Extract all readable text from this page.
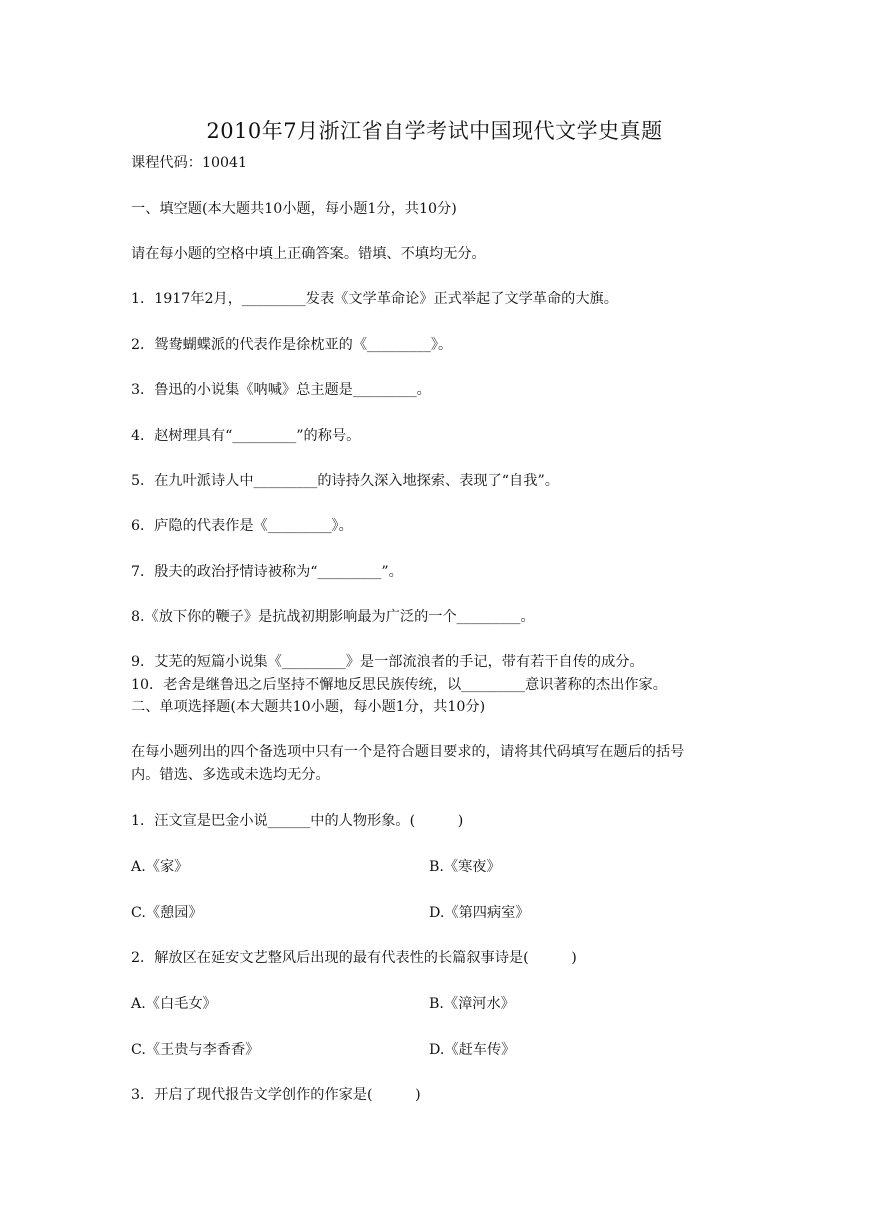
2010年7月浙江省自学考试中国现代文学史真题
课程代码：10041
一、填空题(本大题共10小题，每小题1分，共10分)
请在每小题的空格中填上正确答案。错填、不填均无分。
1．1917年2月，_________发表《文学革命论》正式举起了文学革命的大旗。
2．鸳鸯蝴蝶派的代表作是徐枕亚的《_________》。
3．鲁迅的小说集《呐喊》总主题是_________。
4．赵树理具有“_________”的称号。
5．在九叶派诗人中_________的诗持久深入地探索、表现了“自我”。
6．庐隐的代表作是《_________》。
7．殷夫的政治抒情诗被称为“_________”。
8.《放下你的鞭子》是抗战初期影响最为广泛的一个_________。
9．艾芜的短篇小说集《_________》是一部流浪者的手记，带有若干自传的成分。
10．老舍是继鲁迅之后坚持不懈地反思民族传统，以_________意识著称的杰出作家。
二、单项选择题(本大题共10小题，每小题1分，共10分)
在每小题列出的四个备选项中只有一个是符合题目要求的，请将其代码填写在题后的括号
内。错选、多选或未选均无分。
1．汪文宣是巴金小说______中的人物形象。(　　　)
A.《家》	B.《寒夜》
C.《憩园》	D.《第四病室》
2．解放区在延安文艺整风后出现的最有代表性的长篇叙事诗是(　　　)
A.《白毛女》	B.《漳河水》
C.《王贵与李香香》	D.《赶车传》
3．开启了现代报告文学创作的作家是(　　　)
